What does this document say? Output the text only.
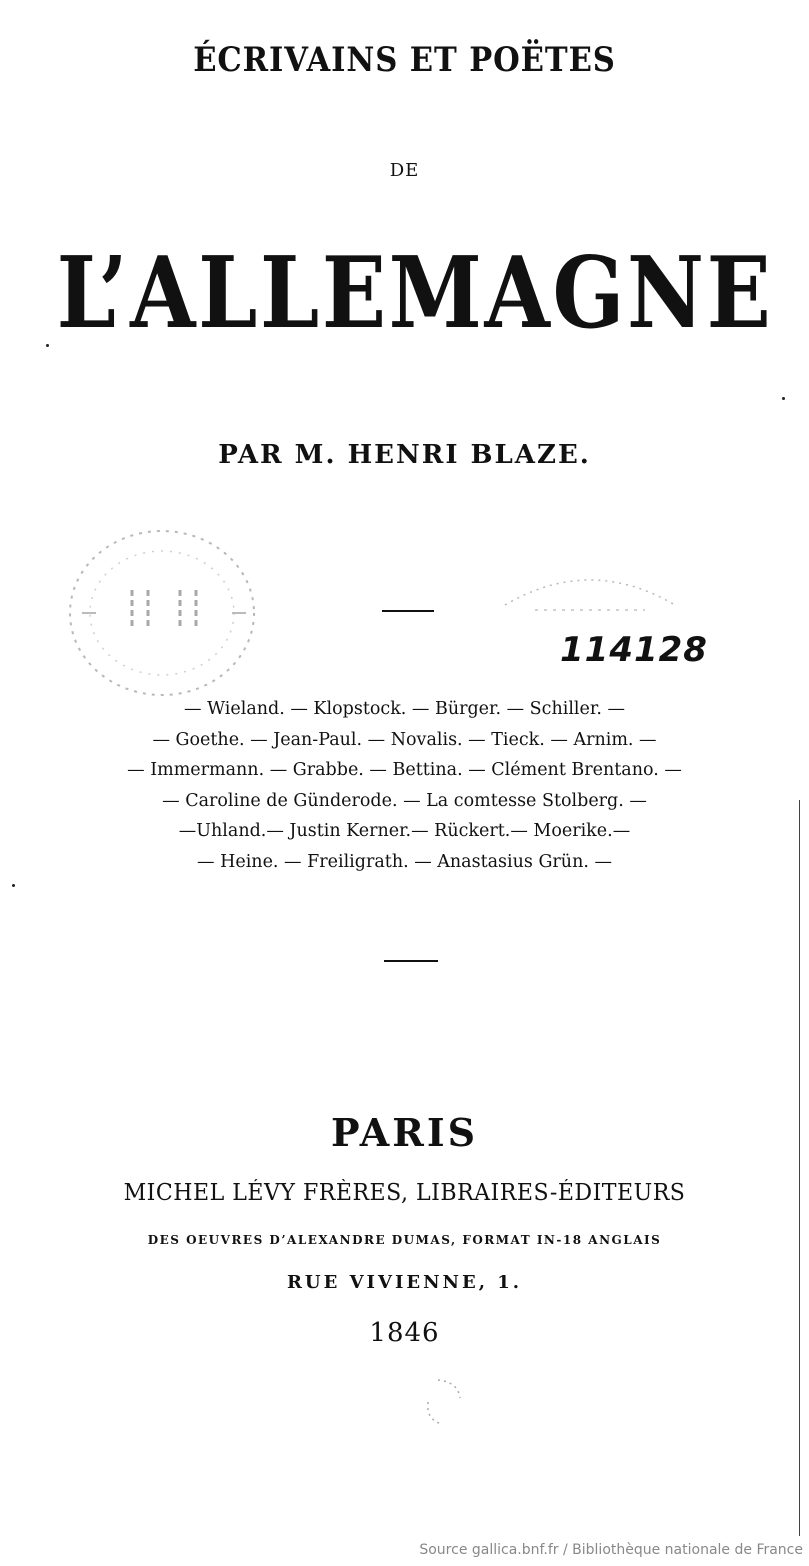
ÉCRIVAINS ET POËTES
DE
L’ALLEMAGNE
PAR M. HENRI BLAZE.
114128
— Wieland. — Klopstock. — Bürger. — Schiller. —
— Goethe. — Jean-Paul. — Novalis. — Tieck. — Arnim. —
— Immermann. — Grabbe. — Bettina. — Clément Brentano. —
— Caroline de Günderode. — La comtesse Stolberg. —
—Uhland.— Justin Kerner.— Rückert.— Moerike.—
— Heine. — Freiligrath. — Anastasius Grün. —
PARIS
MICHEL LÉVY FRÈRES, LIBRAIRES-ÉDITEURS
DES OEUVRES D’ALEXANDRE DUMAS, FORMAT IN-18 ANGLAIS
RUE VIVIENNE, 1.
1846
Source gallica.bnf.fr / Bibliothèque nationale de France
